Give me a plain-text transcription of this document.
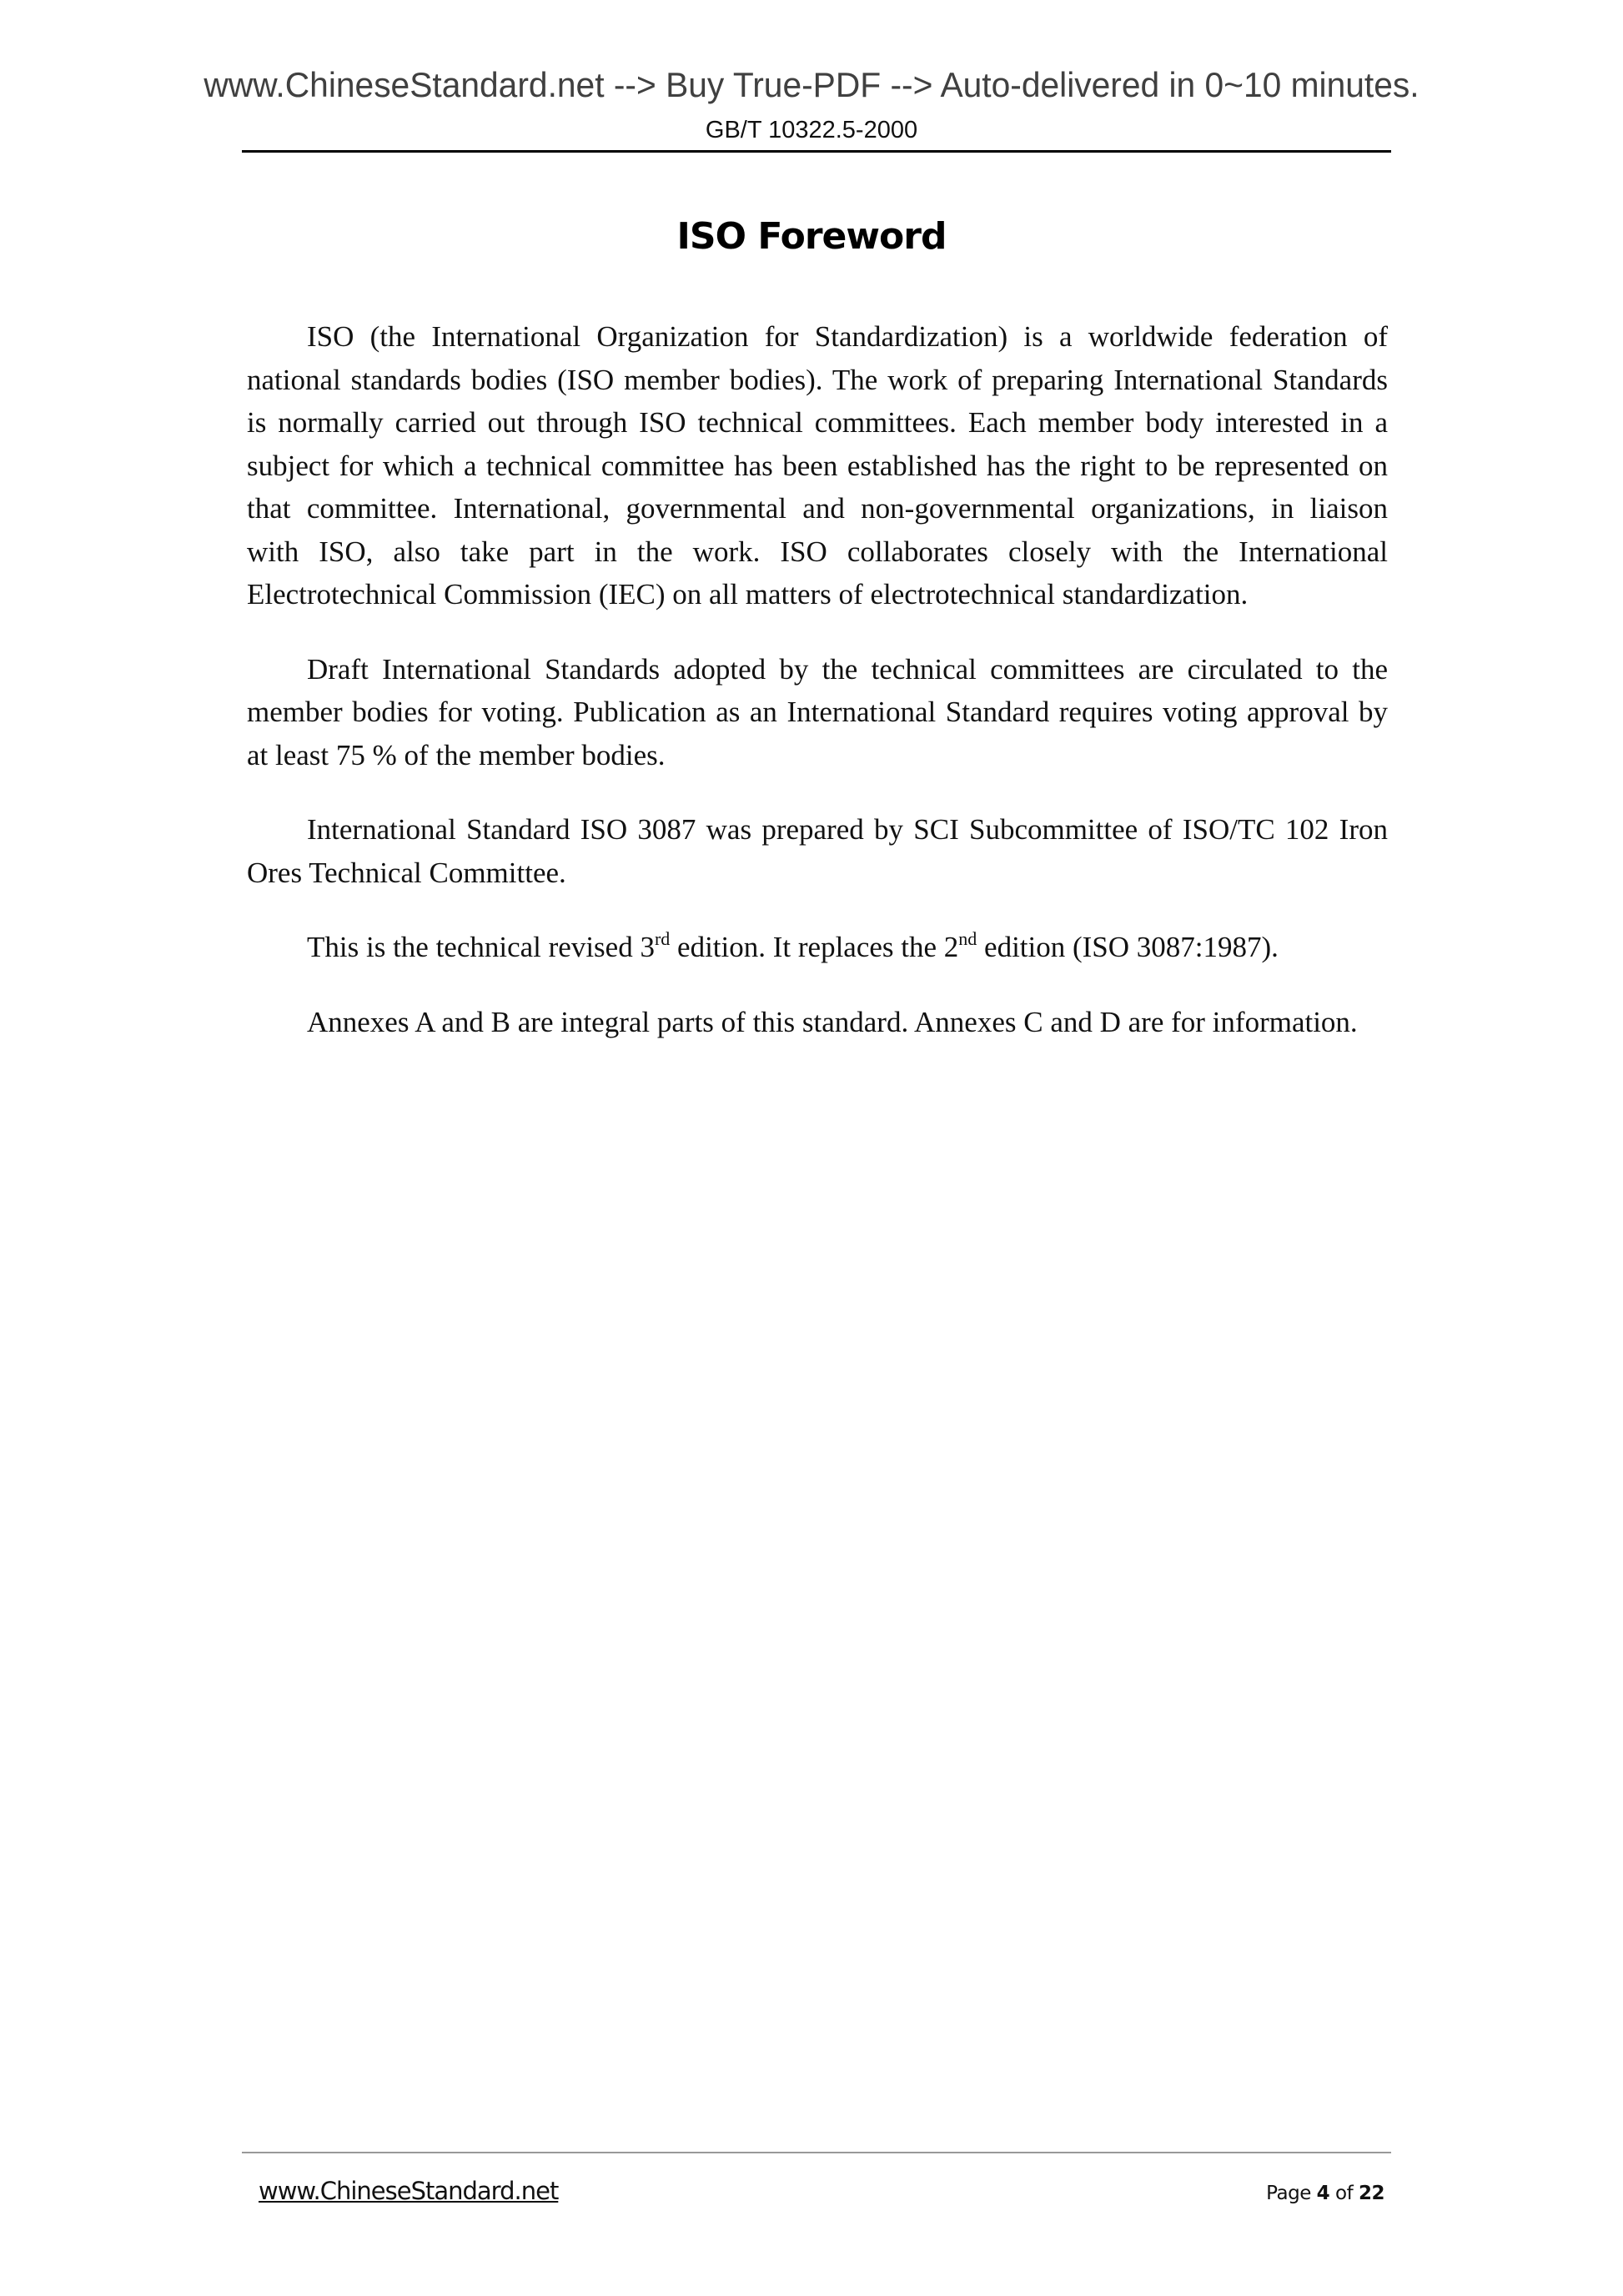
www.ChineseStandard.net --> Buy True-PDF --> Auto-delivered in 0~10 minutes.
GB/T 10322.5-2000
ISO Foreword
ISO (the International Organization for Standardization) is a worldwide federation of
national standards bodies (ISO member bodies). The work of preparing International Standards
is normally carried out through ISO technical committees. Each member body interested in a
subject for which a technical committee has been established has the right to be represented on
that committee. International, governmental and non-governmental organizations, in liaison
with ISO, also take part in the work. ISO collaborates closely with the International
Electrotechnical Commission (IEC) on all matters of electrotechnical standardization.
Draft International Standards adopted by the technical committees are circulated to the
member bodies for voting. Publication as an International Standard requires voting approval by
at least 75 % of the member bodies.
International Standard ISO 3087 was prepared by SCI Subcommittee of ISO/TC 102 Iron
Ores Technical Committee.
This is the technical revised 3rd edition. It replaces the 2nd edition (ISO 3087:1987).
Annexes A and B are integral parts of this standard. Annexes C and D are for information.
www.ChineseStandard.net	Page 4 of 22
